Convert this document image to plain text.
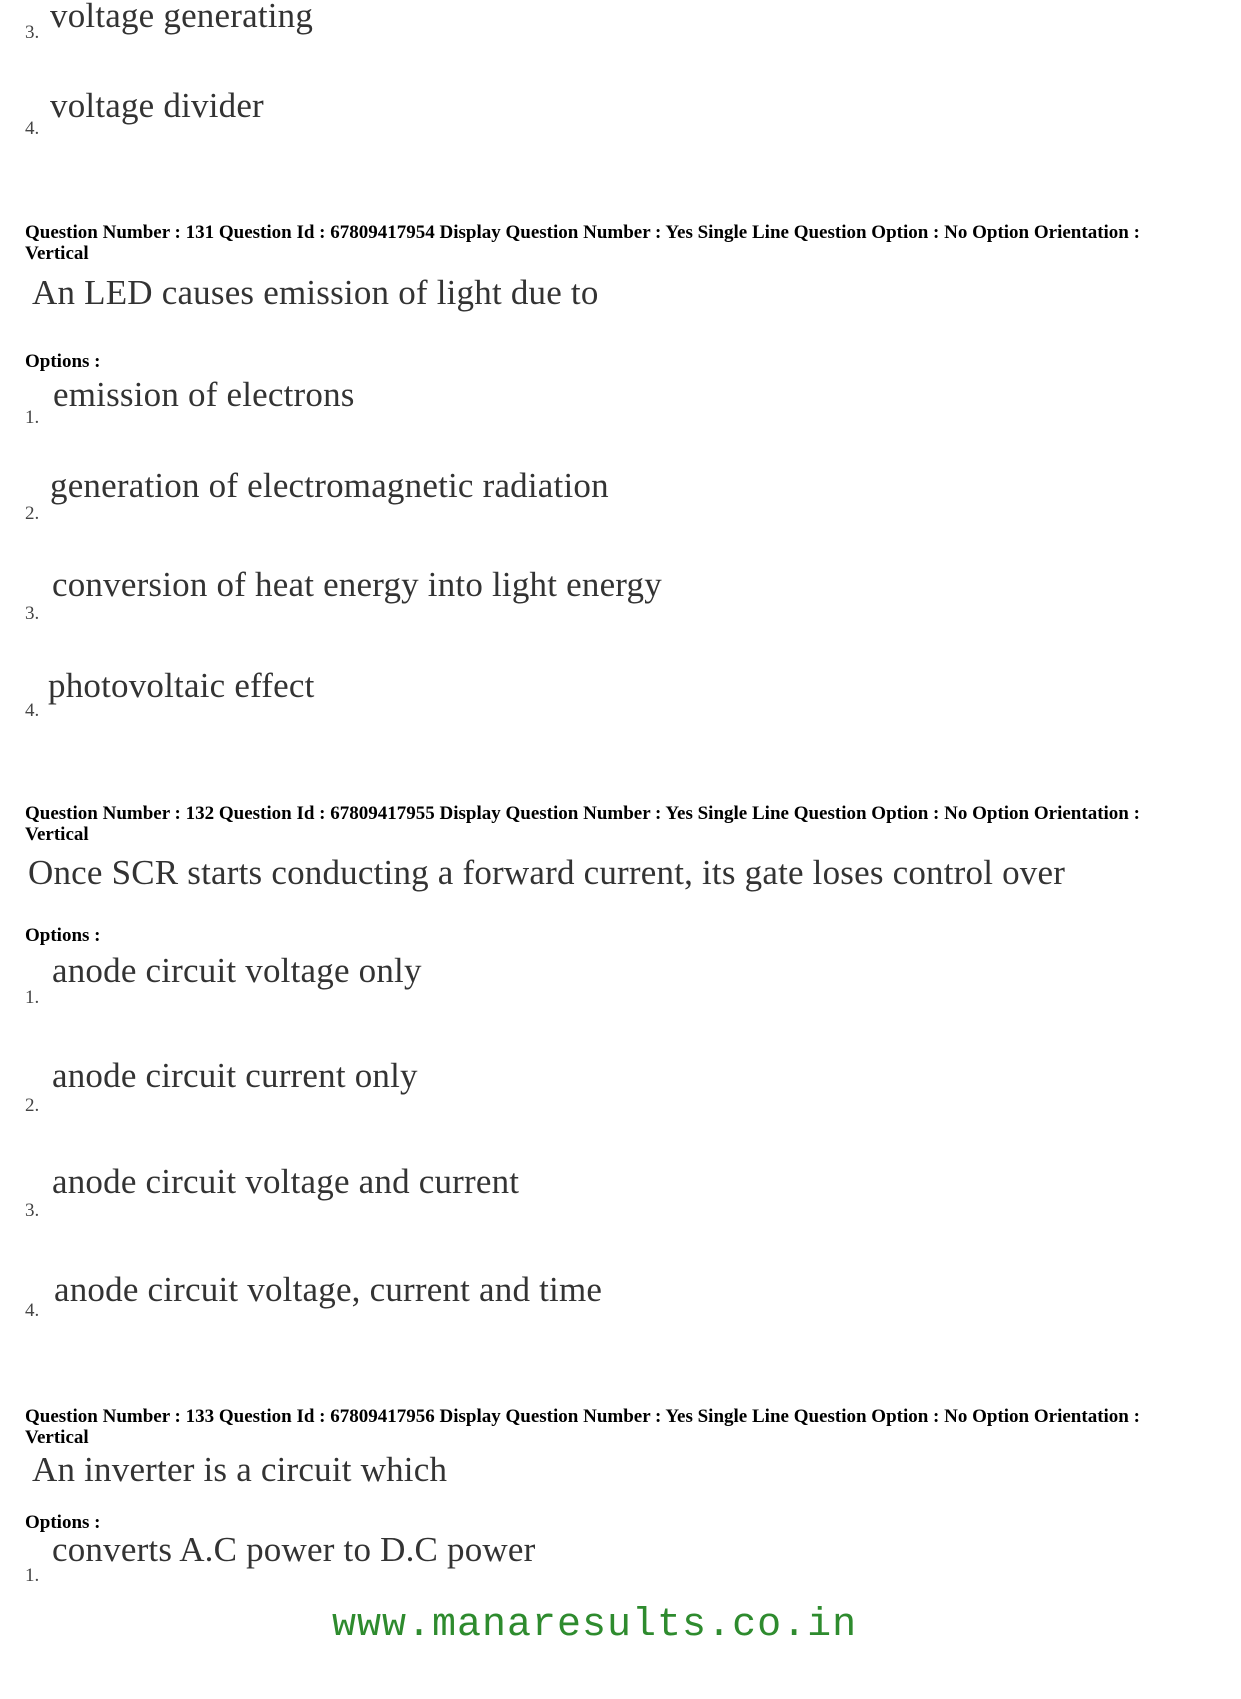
3. voltage generating
4.
voltage divider
Question Number : 131 Question Id : 67809417954 Display Question Number : Yes Single Line Question Option : No Option Orientation : Vertical
An LED causes emission of light due to
Options :
1.
emission of electrons
2.
generation of electromagnetic radiation
3.
conversion of heat energy into light energy
4.
photovoltaic effect
Question Number : 132 Question Id : 67809417955 Display Question Number : Yes Single Line Question Option : No Option Orientation : Vertical
Once SCR starts conducting a forward current, its gate loses control over
Options :
1.
anode circuit voltage only
2.
anode circuit current only
3.
anode circuit voltage and current
4.
anode circuit voltage, current and time
Question Number : 133 Question Id : 67809417956 Display Question Number : Yes Single Line Question Option : No Option Orientation : Vertical
An inverter is a circuit which
Options :
1.
converts A.C power to D.C power
www.manaresults.co.in
